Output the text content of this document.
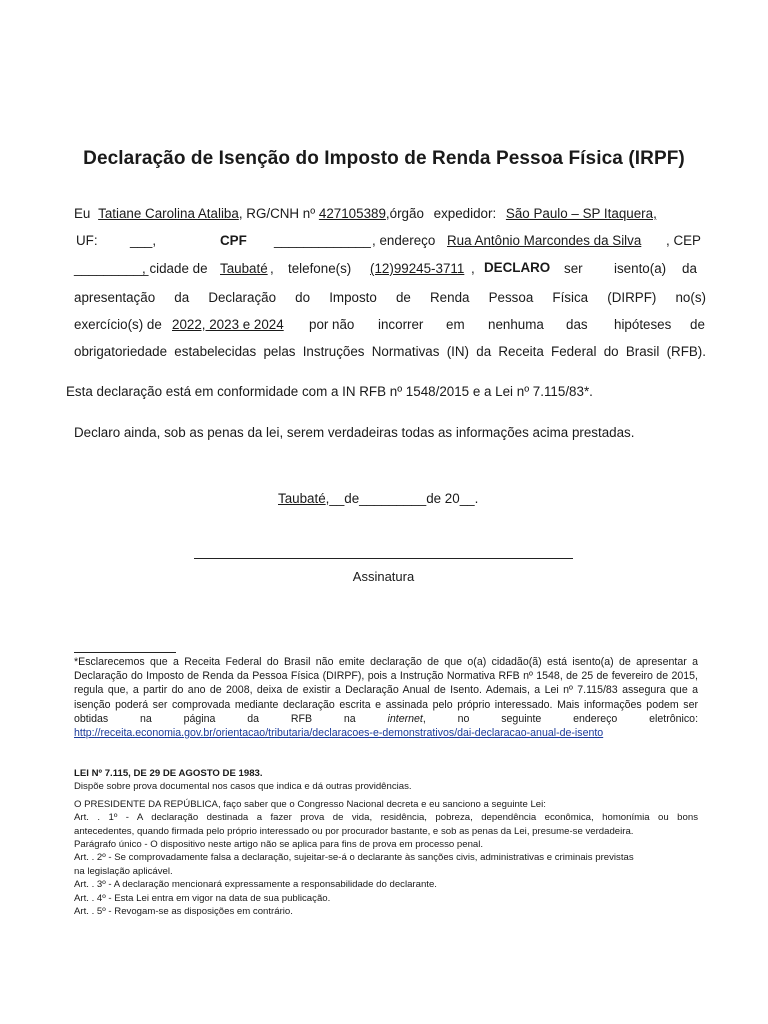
Declaração de Isenção do Imposto de Renda Pessoa Física (IRPF)
Eu Tatiane Carolina Ataliba, RG/CNH nº 427105389,órgão expedidor: São Paulo – SP Itaquera,
UF: ___,	CPF _____________ , endereço Rua Antônio Marcondes da Silva , CEP
__________
, cidade de Taubaté , telefone(s) (12)99245-3711 , DECLARO ser isento(a) da
apresentação da Declaração do Imposto de Renda Pessoa Física (DIRPF) no(s)
exercício(s) de 2022, 2023 e 2024 por não incorrer em nenhuma das hipóteses de
obrigatoriedade estabelecidas pelas Instruções Normativas (IN) da Receita Federal do Brasil (RFB).
Esta declaração está em conformidade com a IN RFB nº 1548/2015 e a Lei nº 7.115/83*.
Declaro ainda, sob as penas da lei, serem verdadeiras todas as informações acima prestadas.
Taubaté,__de_________de 20__.
Assinatura
*Esclarecemos que a Receita Federal do Brasil não emite declaração de que o(a) cidadão(ã) está isento(a) de apresentar a Declaração do Imposto de Renda da Pessoa Física (DIRPF), pois a Instrução Normativa RFB nº 1548, de 25 de fevereiro de 2015, regula que, a partir do ano de 2008, deixa de existir a Declaração Anual de Isento. Ademais, a Lei nº 7.115/83 assegura que a isenção poderá ser comprovada mediante declaração escrita e assinada pelo próprio interessado. Mais informações podem ser obtidas na página da RFB na	internet, no seguinte endereço eletrônico: http://receita.economia.gov.br/orientacao/tributaria/declaracoes-e-demonstrativos/dai-declaracao-anual-de-isento
LEI Nº 7.115, DE 29 DE AGOSTO DE 1983.
Dispõe sobre prova documental nos casos que indica e dá outras providências.
O PRESIDENTE DA REPÚBLICA, faço saber que o Congresso Nacional decreta e eu sanciono a seguinte Lei:
Art. . 1º - A declaração destinada a fazer prova de vida, residência, pobreza, dependência econômica, homonímia ou bons
antecedentes, quando firmada pelo próprio interessado ou por procurador bastante, e sob as penas da Lei, presume-se verdadeira.
Parágrafo único - O dispositivo neste artigo não se aplica para fins de prova em processo penal.
Art. . 2º - Se comprovadamente falsa a declaração, sujeitar-se-á o declarante às sanções civis, administrativas e criminais previstas
na legislação aplicável.
Art. . 3º - A declaração mencionará expressamente a responsabilidade do declarante.
Art. . 4º - Esta Lei entra em vigor na data de sua publicação.
Art. . 5º - Revogam-se as disposições em contrário.
